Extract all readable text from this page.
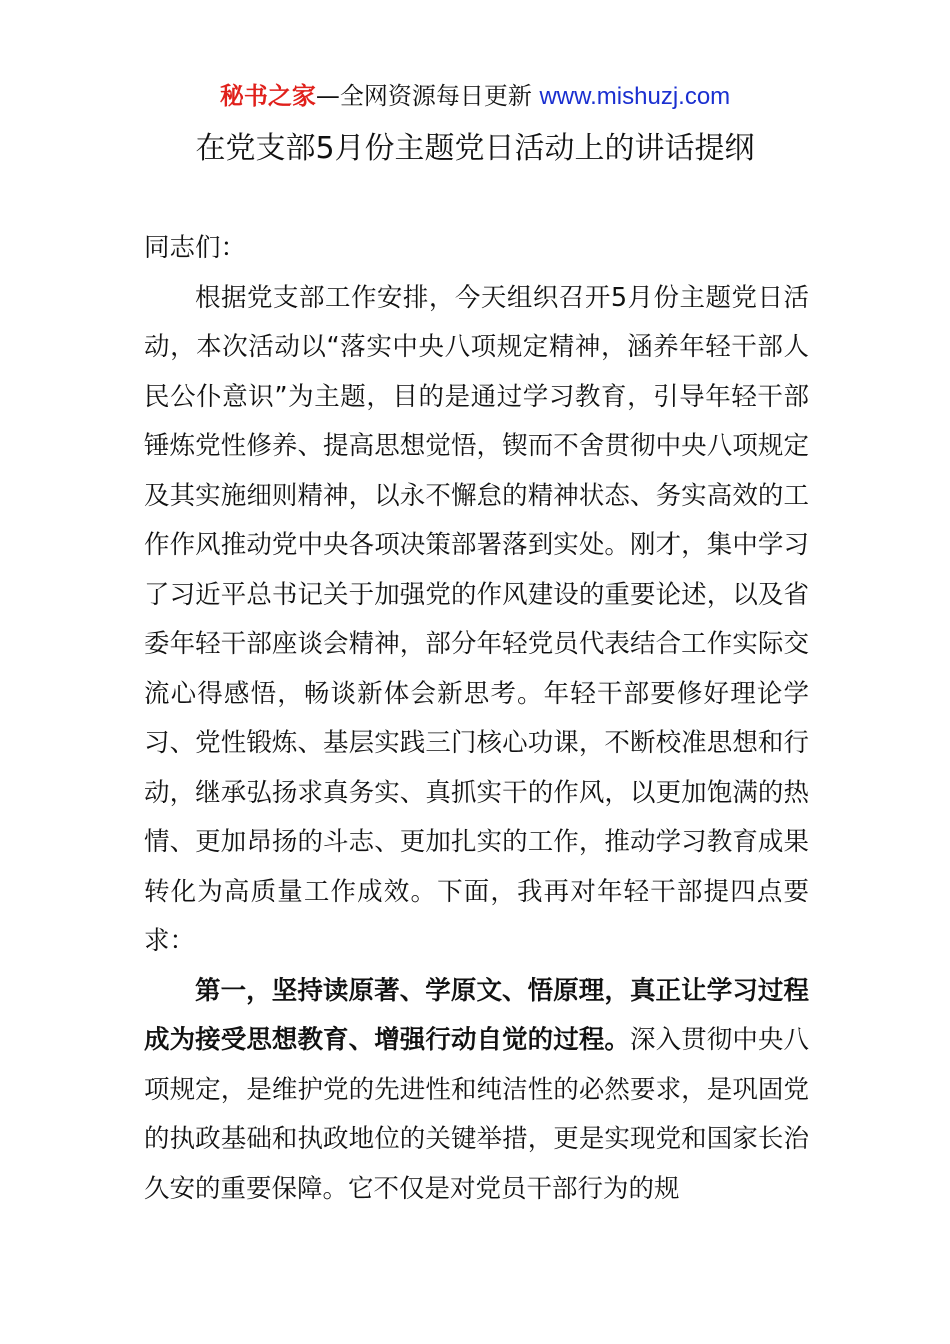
秘书之家—全网资源每日更新 www.mishuzj.com
在党支部5月份主题党日活动上的讲话提纲

同志们：

根据党支部工作安排，今天组织召开5月份主题党日活动，本次活动以“落实中央八项规定精神，涵养年轻干部人民公仆意识”为主题，目的是通过学习教育，引导年轻干部锤炼党性修养、提高思想觉悟，锲而不舍贯彻中央八项规定及其实施细则精神，以永不懈怠的精神状态、务实高效的工作作风推动党中央各项决策部署落到实处。刚才，集中学习了习近平总书记关于加强党的作风建设的重要论述，以及省委年轻干部座谈会精神，部分年轻党员代表结合工作实际交流心得感悟，畅谈新体会新思考。年轻干部要修好理论学习、党性锻炼、基层实践三门核心功课，不断校准思想和行动，继承弘扬求真务实、真抓实干的作风，以更加饱满的热情、更加昂扬的斗志、更加扎实的工作，推动学习教育成果转化为高质量工作成效。下面，我再对年轻干部提四点要求：

第一，坚持读原著、学原文、悟原理，真正让学习过程成为接受思想教育、增强行动自觉的过程。深入贯彻中央八项规定，是维护党的先进性和纯洁性的必然要求，是巩固党的执政基础和执政地位的关键举措，更是实现党和国家长治久安的重要保障。它不仅是对党员干部行为的规
